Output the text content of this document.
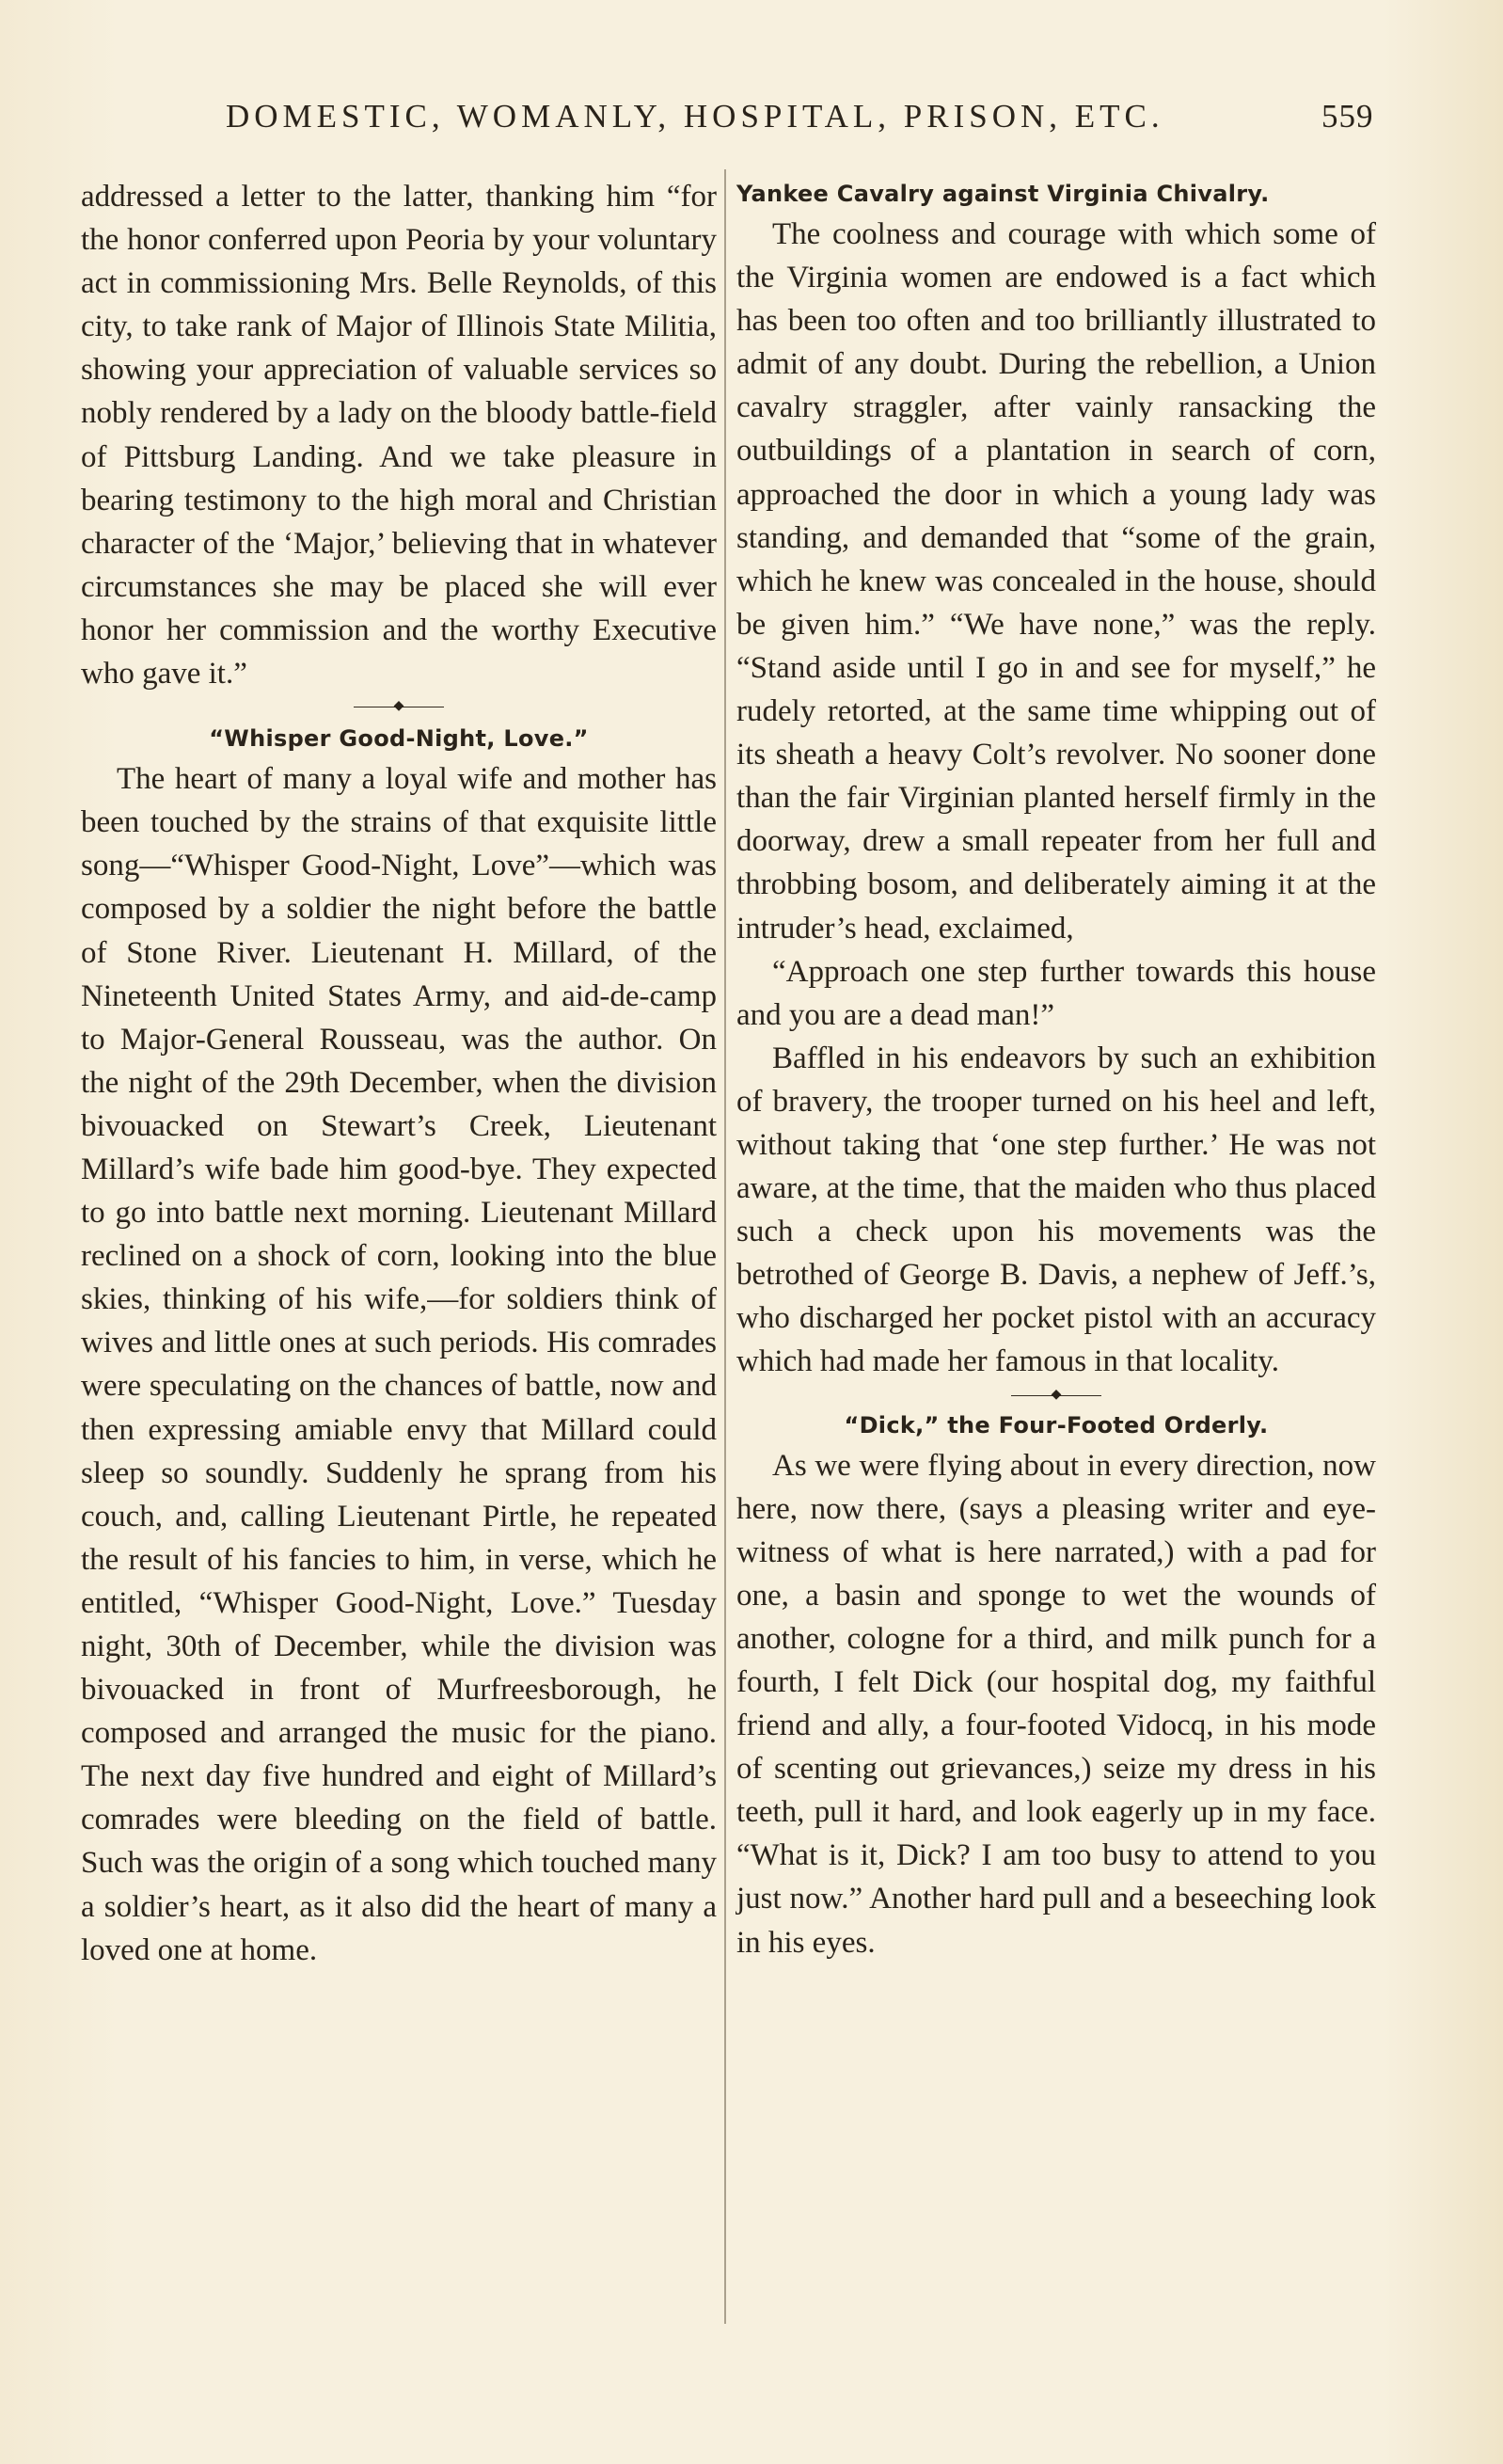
DOMESTIC, WOMANLY, HOSPITAL, PRISON, ETC.	559

addressed a letter to the latter, thanking him “for the honor conferred upon Peoria by your voluntary act in commissioning Mrs. Belle Reynolds, of this city, to take rank of Major of Illinois State Militia, showing your appreciation of valuable services so nobly rendered by a lady on the bloody battle-field of Pittsburg Landing. And we take pleasure in bearing testimony to the high moral and Christian character of the ‘Major,’ believing that in whatever circumstances she may be placed she will ever honor her commission and the worthy Executive who gave it.”

◆
“Whisper Good-Night, Love.”

The heart of many a loyal wife and mother has been touched by the strains of that exquisite little song—“Whisper Good-Night, Love”—which was composed by a soldier the night before the battle of Stone River. Lieutenant H. Millard, of the Nineteenth United States Army, and aid-de-camp to Major-General Rousseau, was the author. On the night of the 29th December, when the division bivouacked on Stewart’s Creek, Lieutenant Millard’s wife bade him good-bye. They expected to go into battle next morning. Lieutenant Millard reclined on a shock of corn, looking into the blue skies, thinking of his wife,—for soldiers think of wives and little ones at such periods. His comrades were speculating on the chances of battle, now and then expressing amiable envy that Millard could sleep so soundly. Suddenly he sprang from his couch, and, calling Lieutenant Pirtle, he repeated the result of his fancies to him, in verse, which he entitled, “Whisper Good-Night, Love.” Tuesday night, 30th of December, while the division was bivouacked in front of Murfreesborough, he composed and arranged the music for the piano. The next day five hundred and eight of Millard’s comrades were bleeding on the field of battle. Such was the origin of a song which touched many a soldier’s heart, as it also did the heart of many a loved one at home.

Yankee Cavalry against Virginia Chivalry.

The coolness and courage with which some of the Virginia women are endowed is a fact which has been too often and too brilliantly illustrated to admit of any doubt. During the rebellion, a Union cavalry straggler, after vainly ransacking the outbuildings of a plantation in search of corn, approached the door in which a young lady was standing, and demanded that “some of the grain, which he knew was concealed in the house, should be given him.” “We have none,” was the reply. “Stand aside until I go in and see for myself,” he rudely retorted, at the same time whipping out of its sheath a heavy Colt’s revolver. No sooner done than the fair Virginian planted herself firmly in the doorway, drew a small repeater from her full and throbbing bosom, and deliberately aiming it at the intruder’s head, exclaimed,

“Approach one step further towards this house and you are a dead man!”

Baffled in his endeavors by such an exhibition of bravery, the trooper turned on his heel and left, without taking that ‘one step further.’ He was not aware, at the time, that the maiden who thus placed such a check upon his movements was the betrothed of George B. Davis, a nephew of Jeff.’s, who discharged her pocket pistol with an accuracy which had made her famous in that locality.

◆
“Dick,” the Four-Footed Orderly.

As we were flying about in every direction, now here, now there, (says a pleasing writer and eye-witness of what is here narrated,) with a pad for one, a basin and sponge to wet the wounds of another, cologne for a third, and milk punch for a fourth, I felt Dick (our hospital dog, my faithful friend and ally, a four-footed Vidocq, in his mode of scenting out grievances,) seize my dress in his teeth, pull it hard, and look eagerly up in my face. “What is it, Dick? I am too busy to attend to you just now.” Another hard pull and a beseeching look in his eyes.
